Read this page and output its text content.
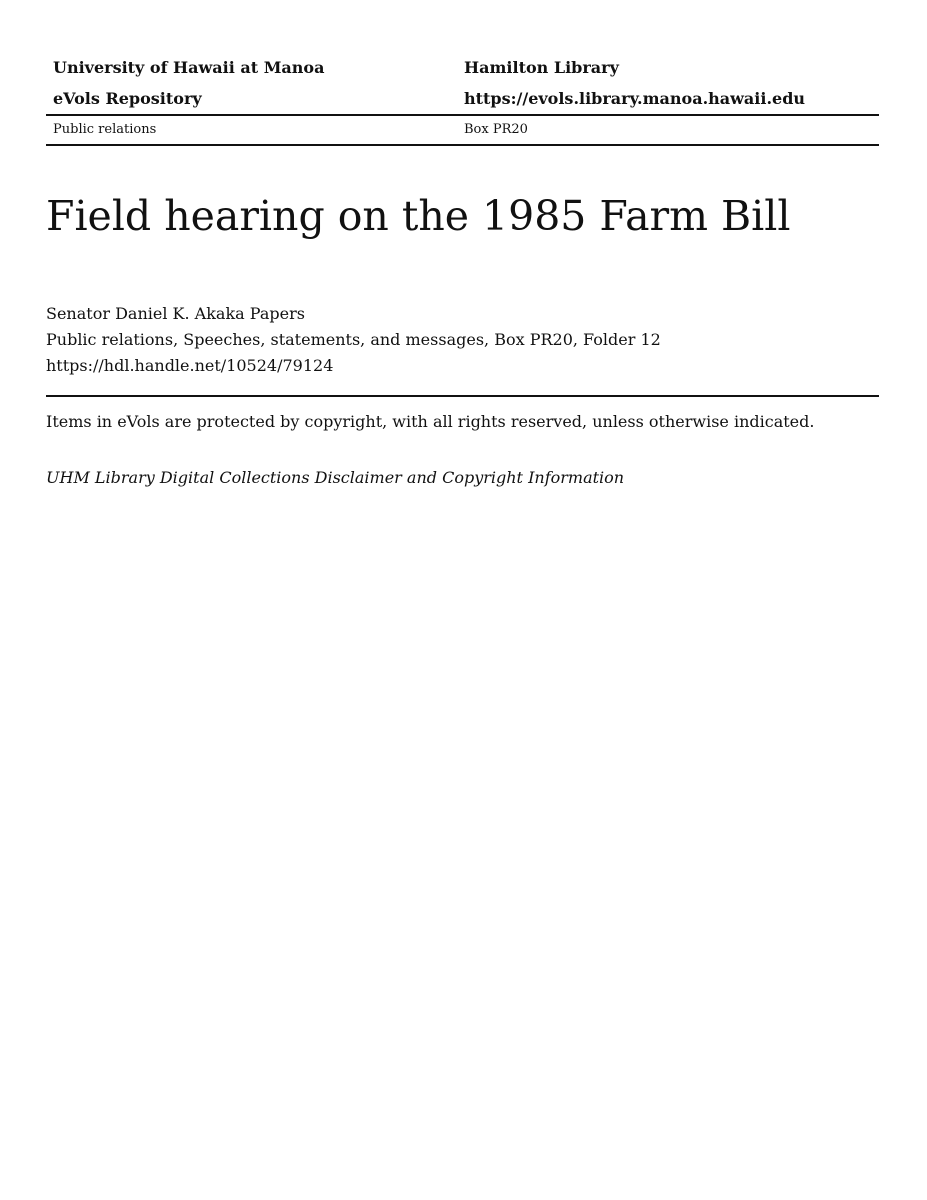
University of Hawaii at Manoa	Hamilton Library
eVols Repository	https://evols.library.manoa.hawaii.edu
Public relations	Box PR20
Field hearing on the 1985 Farm Bill
Senator Daniel K. Akaka Papers
Public relations, Speeches, statements, and messages, Box PR20, Folder 12
https://hdl.handle.net/10524/79124
Items in eVols are protected by copyright, with all rights reserved, unless otherwise indicated.
UHM Library Digital Collections Disclaimer and Copyright Information
